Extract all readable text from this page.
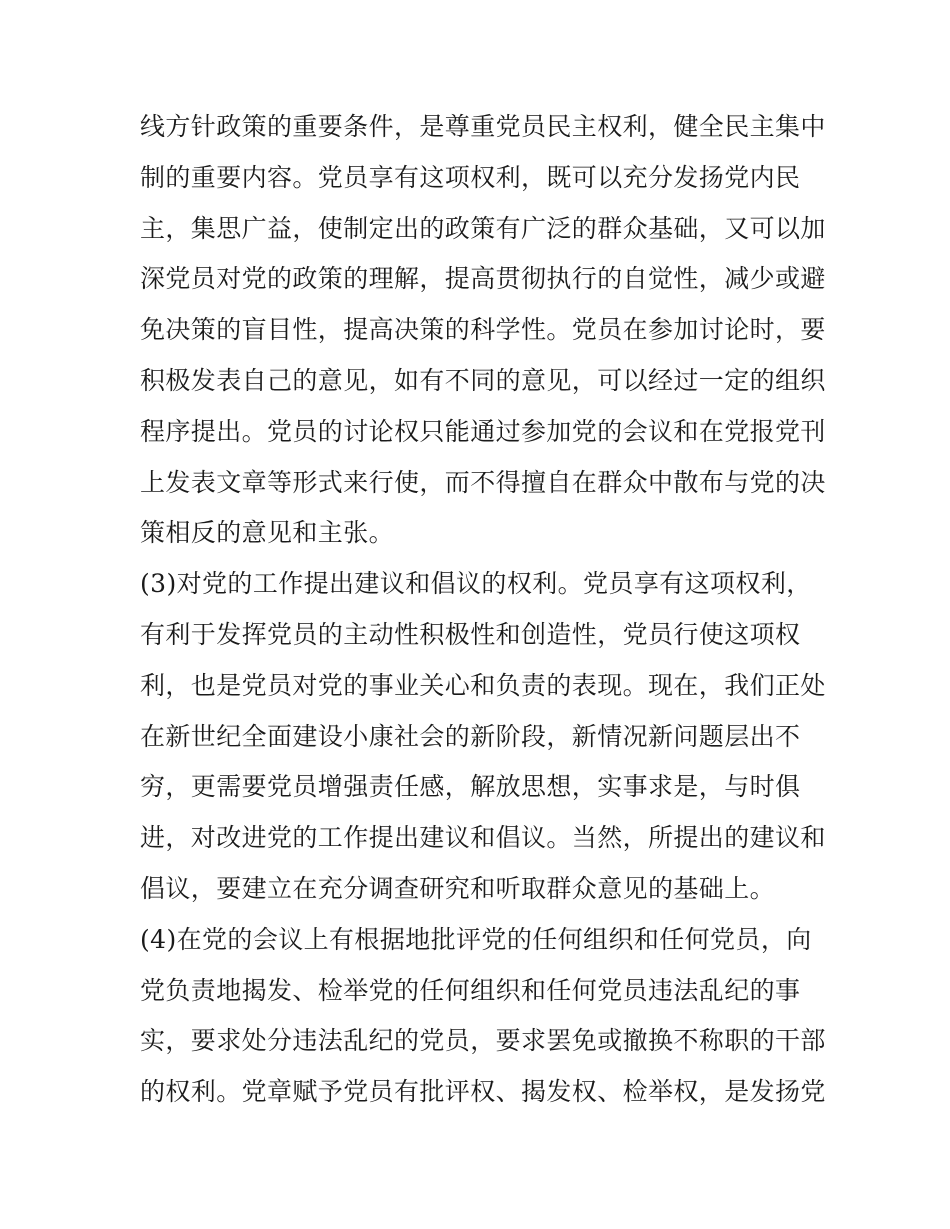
线方针政策的重要条件，是尊重党员民主权利，健全民主集中
制的重要内容。党员享有这项权利，既可以充分发扬党内民
主，集思广益，使制定出的政策有广泛的群众基础，又可以加
深党员对党的政策的理解，提高贯彻执行的自觉性，减少或避
免决策的盲目性，提高决策的科学性。党员在参加讨论时，要
积极发表自己的意见，如有不同的意见，可以经过一定的组织
程序提出。党员的讨论权只能通过参加党的会议和在党报党刊
上发表文章等形式来行使，而不得擅自在群众中散布与党的决
策相反的意见和主张。
(3)对党的工作提出建议和倡议的权利。党员享有这项权利，
有利于发挥党员的主动性积极性和创造性，党员行使这项权
利，也是党员对党的事业关心和负责的表现。现在，我们正处
在新世纪全面建设小康社会的新阶段，新情况新问题层出不
穷，更需要党员增强责任感，解放思想，实事求是，与时俱
进，对改进党的工作提出建议和倡议。当然，所提出的建议和
倡议，要建立在充分调查研究和听取群众意见的基础上。
(4)在党的会议上有根据地批评党的任何组织和任何党员，向
党负责地揭发、检举党的任何组织和任何党员违法乱纪的事
实，要求处分违法乱纪的党员，要求罢免或撤换不称职的干部
的权利。党章赋予党员有批评权、揭发权、检举权，是发扬党
